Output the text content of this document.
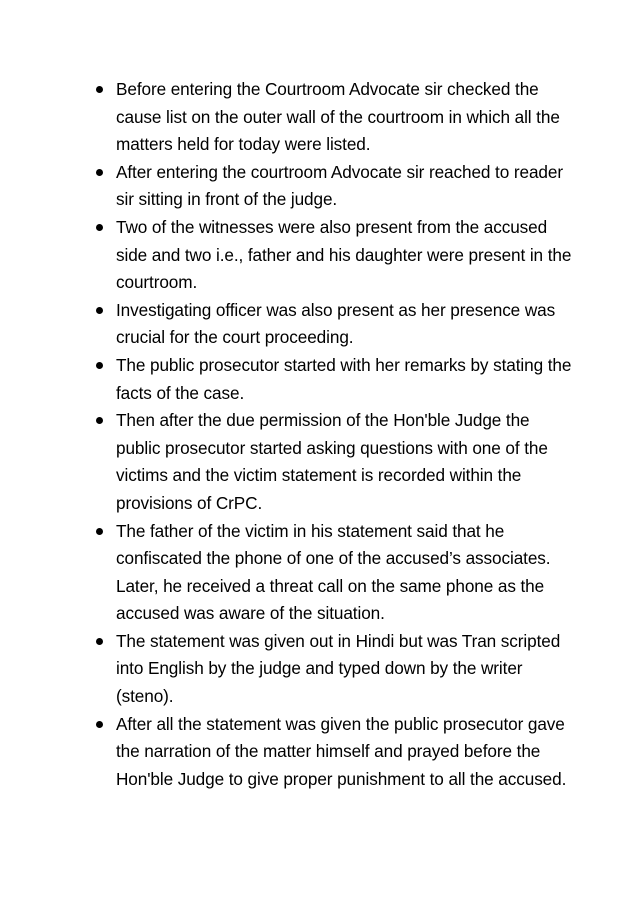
Before entering the Courtroom Advocate sir checked the cause list on the outer wall of the courtroom in which all the matters held for today were listed.
After entering the courtroom Advocate sir reached to reader sir sitting in front of the judge.
Two of the witnesses were also present from the accused side and two i.e., father and his daughter were present in the courtroom.
Investigating officer was also present as her presence was crucial for the court proceeding.
The public prosecutor started with her remarks by stating the facts of the case.
Then after the due permission of the Hon'ble Judge the public prosecutor started asking questions with one of the victims and the victim statement is recorded within the provisions of CrPC.
The father of the victim in his statement said that he confiscated the phone of one of the accused’s associates. Later, he received a threat call on the same phone as the accused was aware of the situation.
The statement was given out in Hindi but was Tran scripted into English by the judge and typed down by the writer (steno).
After all the statement was given the public prosecutor gave the narration of the matter himself and prayed before the Hon'ble Judge to give proper punishment to all the accused.
